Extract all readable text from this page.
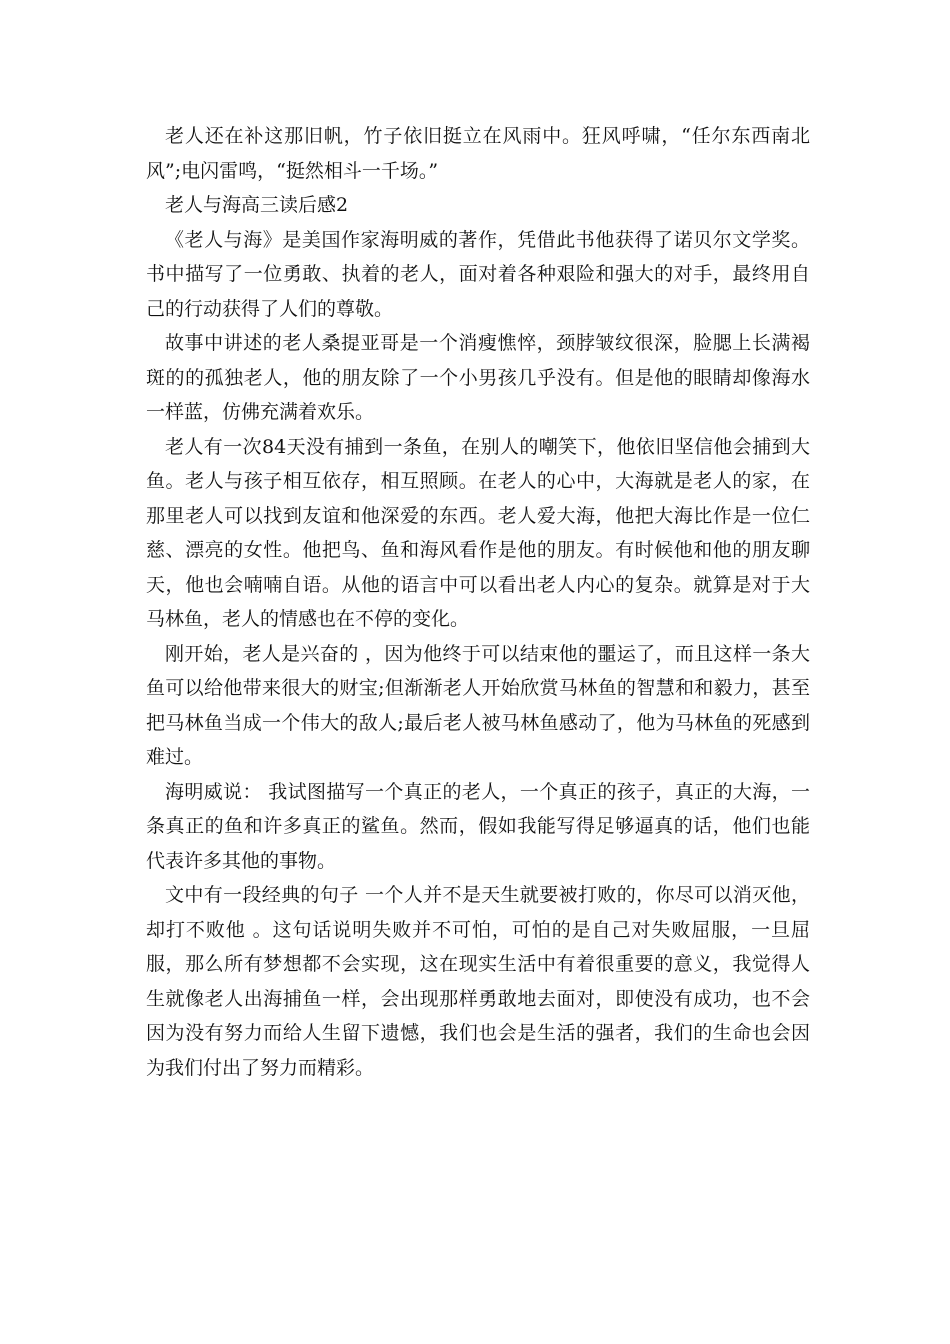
老人还在补这那旧帆，竹子依旧挺立在风雨中。狂风呼啸，“任尔东西南北风”;电闪雷鸣，“挺然相斗一千场。”

老人与海高三读后感2

《老人与海》是美国作家海明威的著作，凭借此书他获得了诺贝尔文学奖。书中描写了一位勇敢、执着的老人，面对着各种艰险和强大的对手，最终用自己的行动获得了人们的尊敬。

故事中讲述的老人桑提亚哥是一个消瘦憔悴，颈脖皱纹很深，脸腮上长满褐斑的的孤独老人，他的朋友除了一个小男孩几乎没有。但是他的眼睛却像海水一样蓝，仿佛充满着欢乐。

老人有一次84天没有捕到一条鱼，在别人的嘲笑下，他依旧坚信他会捕到大鱼。老人与孩子相互依存，相互照顾。在老人的心中，大海就是老人的家，在那里老人可以找到友谊和他深爱的东西。老人爱大海，他把大海比作是一位仁慈、漂亮的女性。他把鸟、鱼和海风看作是他的朋友。有时候他和他的朋友聊天，他也会喃喃自语。从他的语言中可以看出老人内心的复杂。就算是对于大马林鱼，老人的情感也在不停的变化。

刚开始，老人是兴奋的 ，因为他终于可以结束他的噩运了，而且这样一条大鱼可以给他带来很大的财宝;但渐渐老人开始欣赏马林鱼的智慧和和毅力，甚至把马林鱼当成一个伟大的敌人;最后老人被马林鱼感动了，他为马林鱼的死感到难过。

海明威说： 我试图描写一个真正的老人，一个真正的孩子，真正的大海，一条真正的鱼和许多真正的鲨鱼。然而，假如我能写得足够逼真的话，他们也能代表许多其他的事物。

文中有一段经典的句子 一个人并不是天生就要被打败的，你尽可以消灭他，却打不败他 。这句话说明失败并不可怕，可怕的是自己对失败屈服，一旦屈服，那么所有梦想都不会实现，这在现实生活中有着很重要的意义，我觉得人生就像老人出海捕鱼一样，会出现那样勇敢地去面对，即使没有成功，也不会因为没有努力而给人生留下遗憾，我们也会是生活的强者，我们的生命也会因为我们付出了努力而精彩。
